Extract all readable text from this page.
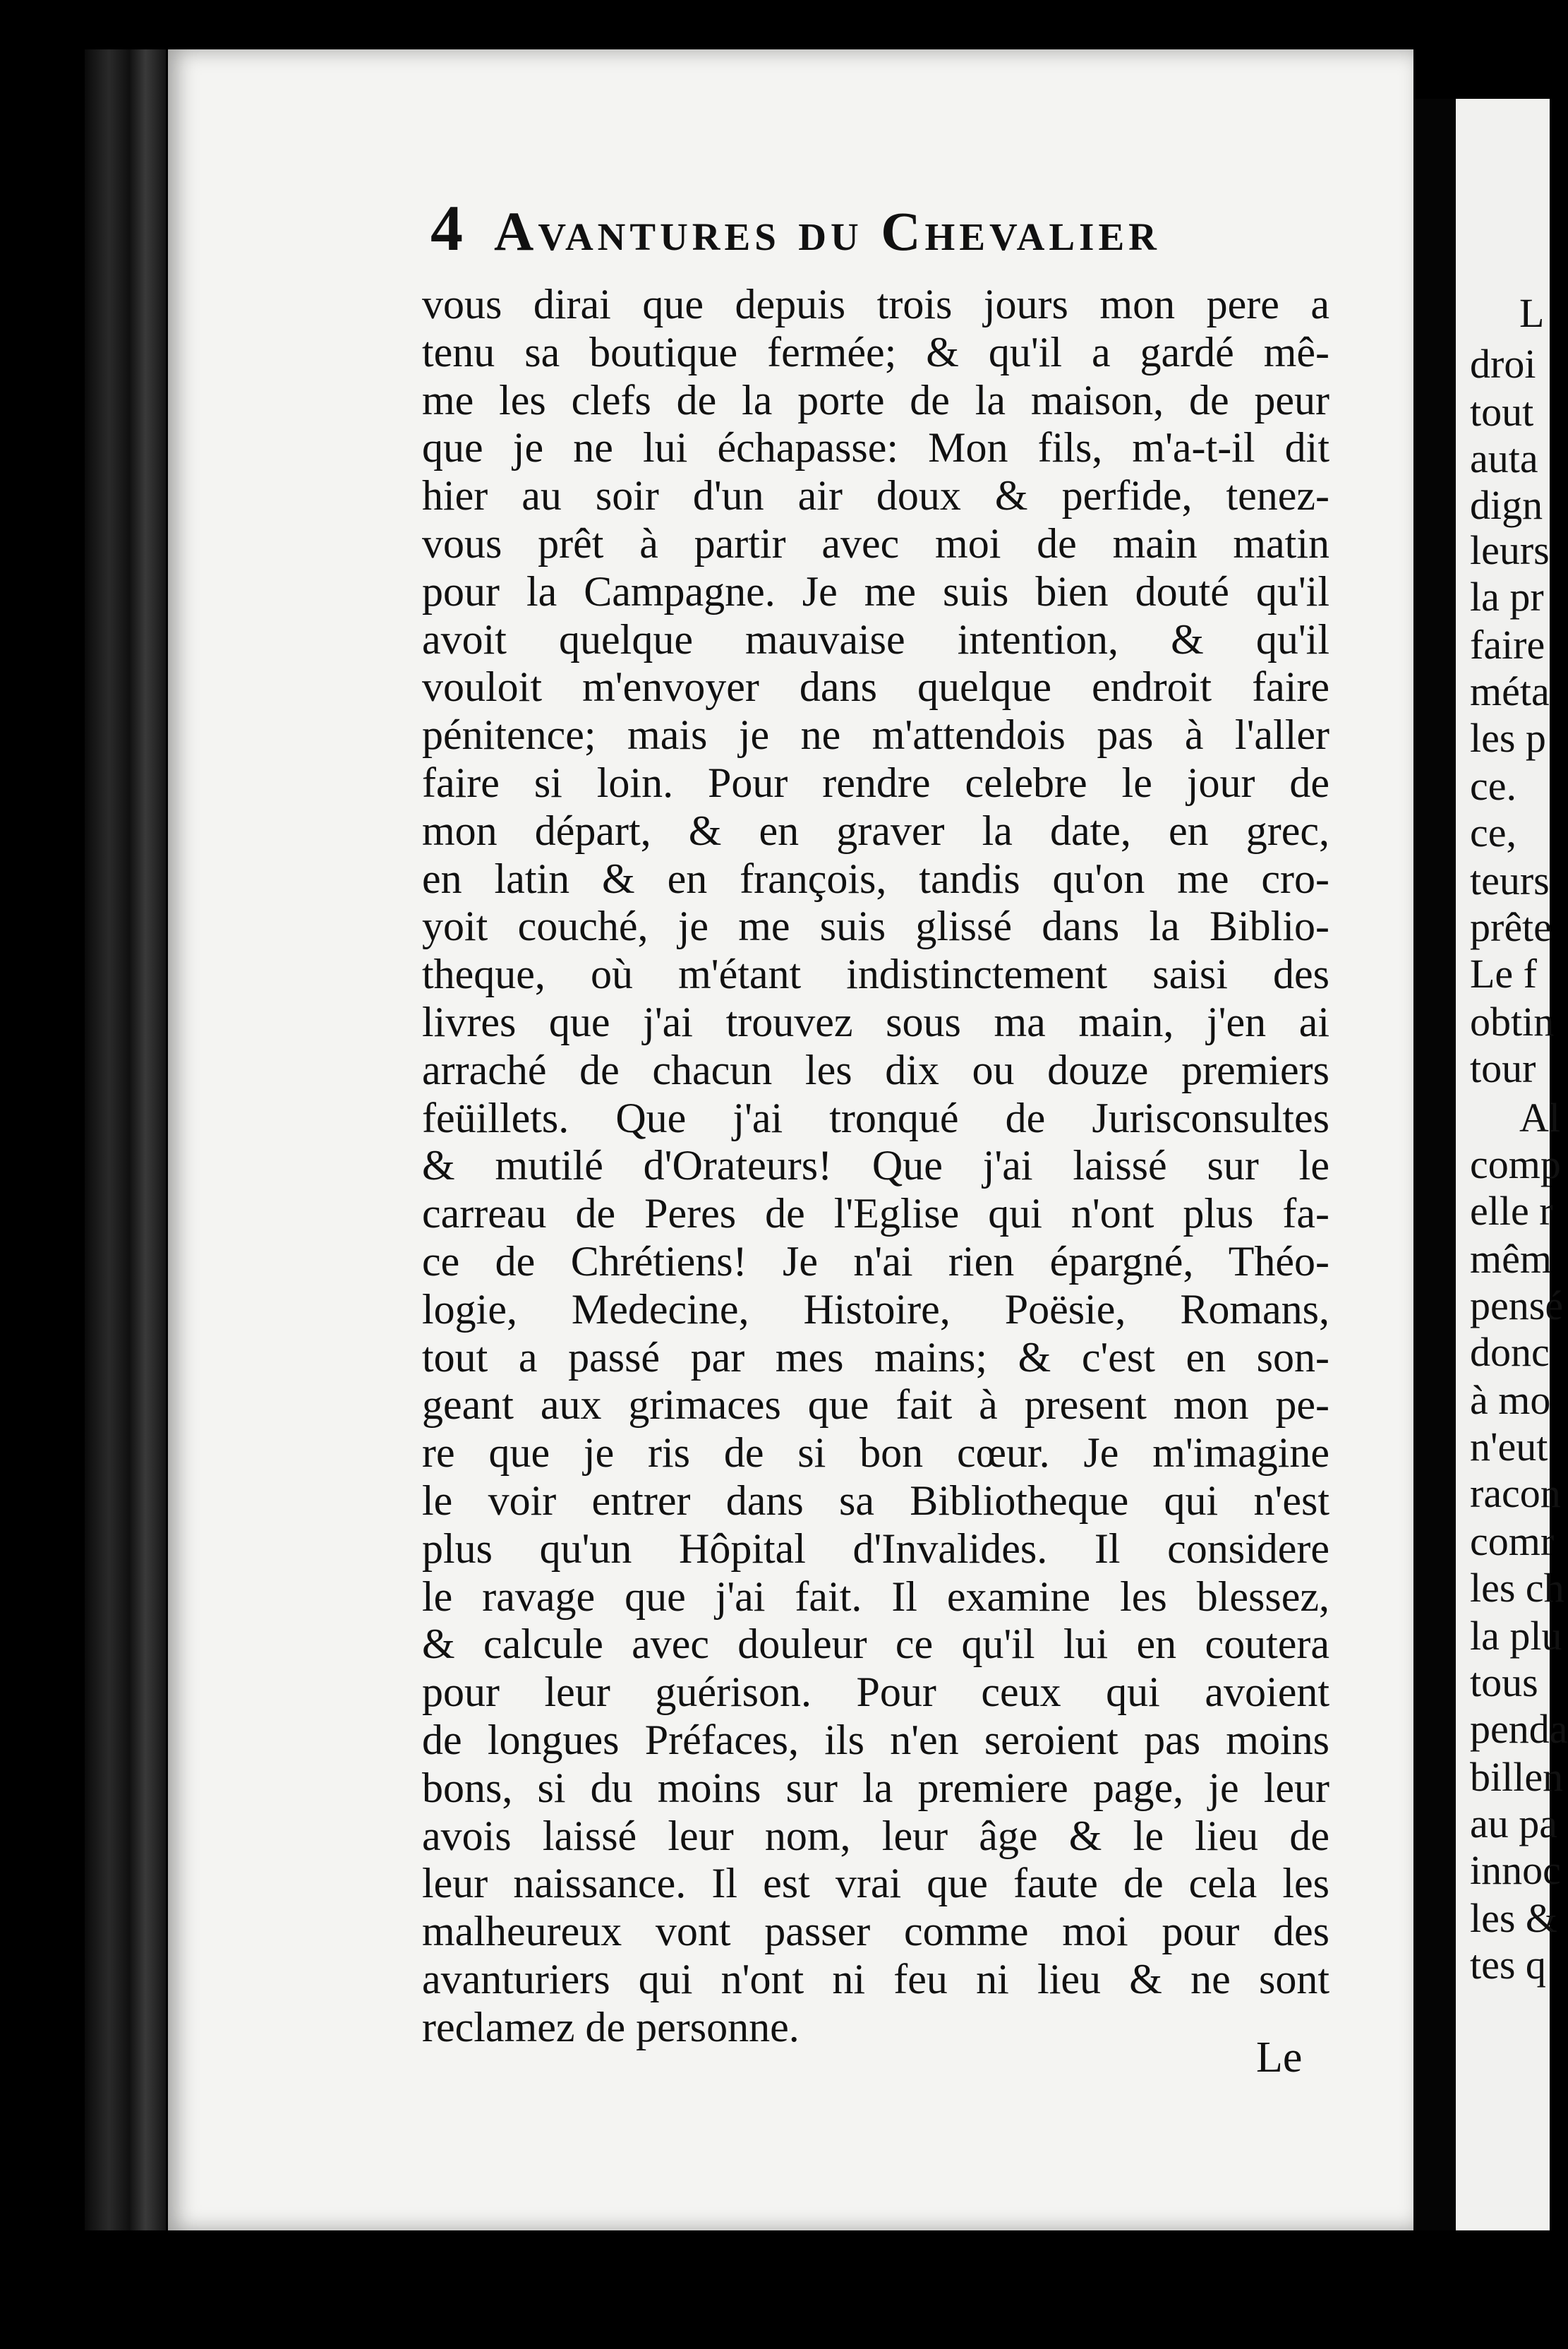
4 Avantures du Chevalier
vous dirai que depuis trois jours mon pere a
tenu sa boutique fermée; & qu'il a gardé mê-
me les clefs de la porte de la maison, de peur
que je ne lui échapasse: Mon fils, m'a-t-il dit
hier au soir d'un air doux & perfide, tenez-
vous prêt à partir avec moi de main matin
pour la Campagne. Je me suis bien douté qu'il
avoit quelque mauvaise intention, & qu'il
vouloit m'envoyer dans quelque endroit faire
pénitence; mais je ne m'attendois pas à l'aller
faire si loin. Pour rendre celebre le jour de
mon départ, & en graver la date, en grec,
en latin & en françois, tandis qu'on me cro-
yoit couché, je me suis glissé dans la Biblio-
theque, où m'étant indistinctement saisi des
livres que j'ai trouvez sous ma main, j'en ai
arraché de chacun les dix ou douze premiers
feüillets. Que j'ai tronqué de Jurisconsultes
& mutilé d'Orateurs! Que j'ai laissé sur le
carreau de Peres de l'Eglise qui n'ont plus fa-
ce de Chrétiens! Je n'ai rien épargné, Théo-
logie, Medecine, Histoire, Poësie, Romans,
tout a passé par mes mains; & c'est en son-
geant aux grimaces que fait à present mon pe-
re que je ris de si bon cœur. Je m'imagine
le voir entrer dans sa Bibliotheque qui n'est
plus qu'un Hôpital d'Invalides. Il considere
le ravage que j'ai fait. Il examine les blessez,
& calcule avec douleur ce qu'il lui en coutera
pour leur guérison. Pour ceux qui avoient
de longues Préfaces, ils n'en seroient pas moins
bons, si du moins sur la premiere page, je leur
avois laissé leur nom, leur âge & le lieu de
leur naissance. Il est vrai que faute de cela les
malheureux vont passer comme moi pour des
avanturiers qui n'ont ni feu ni lieu & ne sont
reclamez de personne.
Le
L
droi
tout
auta
dign
leurs
la pr
faire
méta
les p
ce.
ce,
teurs
prête
Le f
obtin
tour
Al
comp
elle r
mêm
pensé
donc
à mo
n'eut
racon
comr
les ch
la plu
tous
penda
billen
au pa
innoc
les &
tes q
